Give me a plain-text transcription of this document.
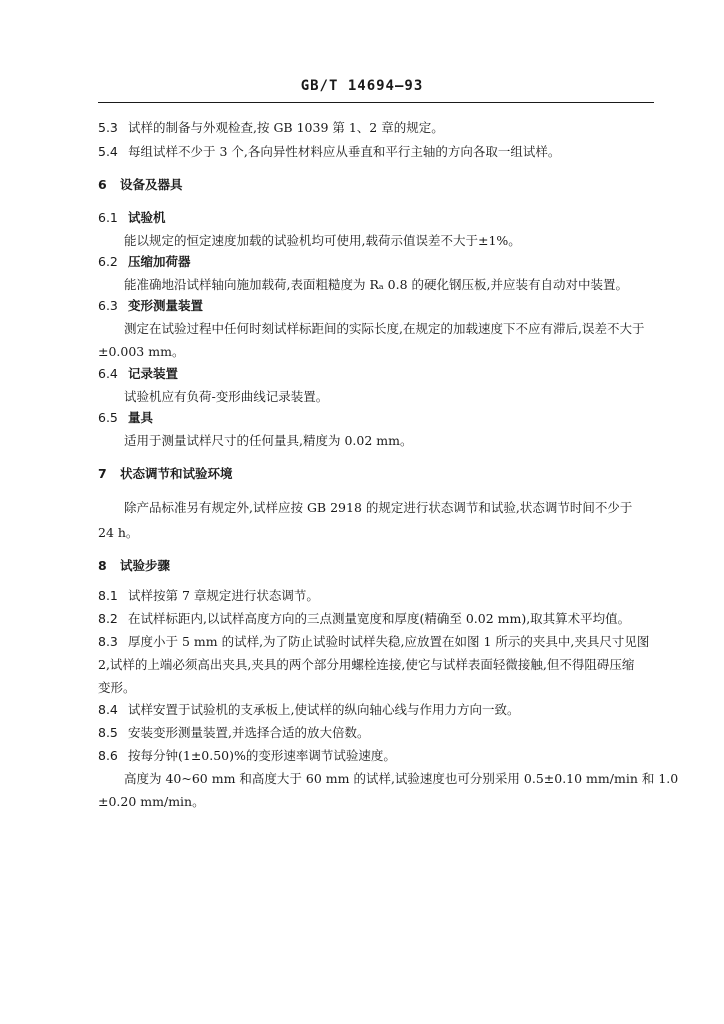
GB/T 14694—93
5.3 试样的制备与外观检查,按 GB 1039 第 1、2 章的规定。
5.4 每组试样不少于 3 个,各向异性材料应从垂直和平行主轴的方向各取一组试样。
6 设备及器具
6.1 试验机
能以规定的恒定速度加载的试验机均可使用,载荷示值误差不大于±1%。
6.2 压缩加荷器
能准确地沿试样轴向施加载荷,表面粗糙度为 Rₐ 0.8 的硬化钢压板,并应装有自动对中装置。
6.3 变形测量装置
测定在试验过程中任何时刻试样标距间的实际长度,在规定的加载速度下不应有滞后,误差不大于
±0.003 mm。
6.4 记录装置
试验机应有负荷-变形曲线记录装置。
6.5 量具
适用于测量试样尺寸的任何量具,精度为 0.02 mm。
7 状态调节和试验环境
除产品标准另有规定外,试样应按 GB 2918 的规定进行状态调节和试验,状态调节时间不少于
24 h。
8 试验步骤
8.1 试样按第 7 章规定进行状态调节。
8.2 在试样标距内,以试样高度方向的三点测量宽度和厚度(精确至 0.02 mm),取其算术平均值。
8.3 厚度小于 5 mm 的试样,为了防止试验时试样失稳,应放置在如图 1 所示的夹具中,夹具尺寸见图
2,试样的上端必须高出夹具,夹具的两个部分用螺栓连接,使它与试样表面轻微接触,但不得阻碍压缩
变形。
8.4 试样安置于试验机的支承板上,使试样的纵向轴心线与作用力方向一致。
8.5 安装变形测量装置,并选择合适的放大倍数。
8.6 按每分钟(1±0.50)%的变形速率调节试验速度。
高度为 40~60 mm 和高度大于 60 mm 的试样,试验速度也可分别采用 0.5±0.10 mm/min 和 1.0
±0.20 mm/min。
